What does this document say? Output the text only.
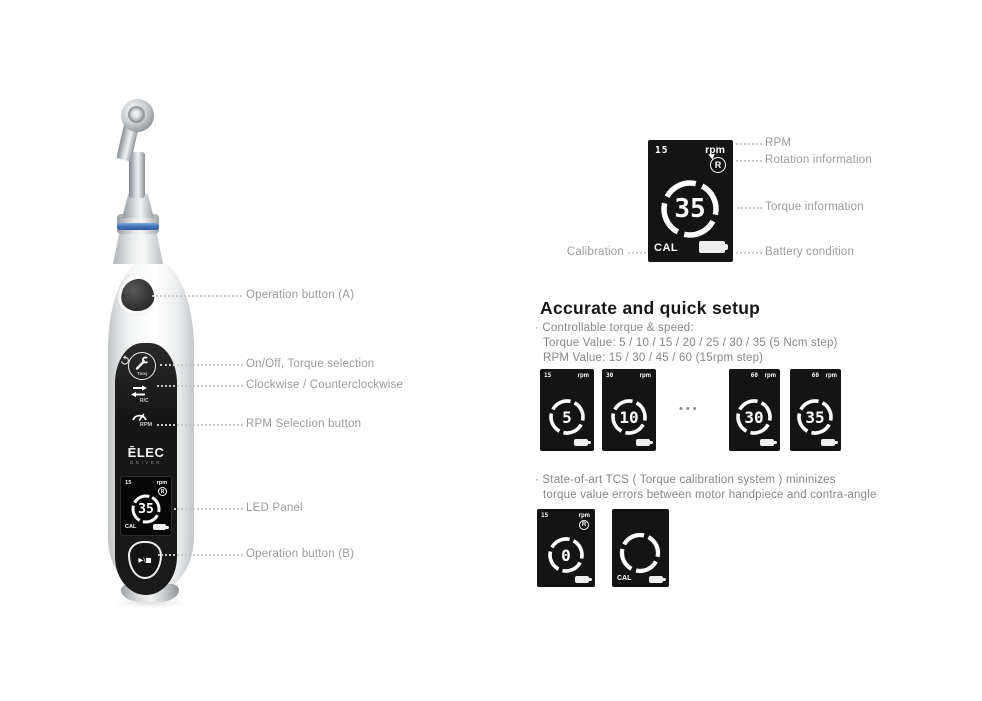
Torq
R/C
RPM
ĒLEC
DRIVER
15	rpm
R
35
CAL
▶\■
Operation button (A)
On/Off, Torque selection
Clockwise / Counterclockwise
RPM Selection button
LED Panel
Operation button (B)
15	rpm
R
35
CAL
RPM
Rotation information
Torque information
Battery condition
Calibration
Accurate and quick setup
· Controllable torque & speed:
Torque Value: 5 / 10 / 15 / 20 / 25 / 30 / 35 (5 Ncm step)
RPM Value: 15 / 30 / 45 / 60 (15rpm step)
15	rpm
5
30	rpm
10	•••
60 rpm
30
60 rpm
35
· State-of-art TCS ( Torque calibration system ) mininizes
torque value errors between motor handpiece and contra-angle
15	rpm
R
0
CAL
